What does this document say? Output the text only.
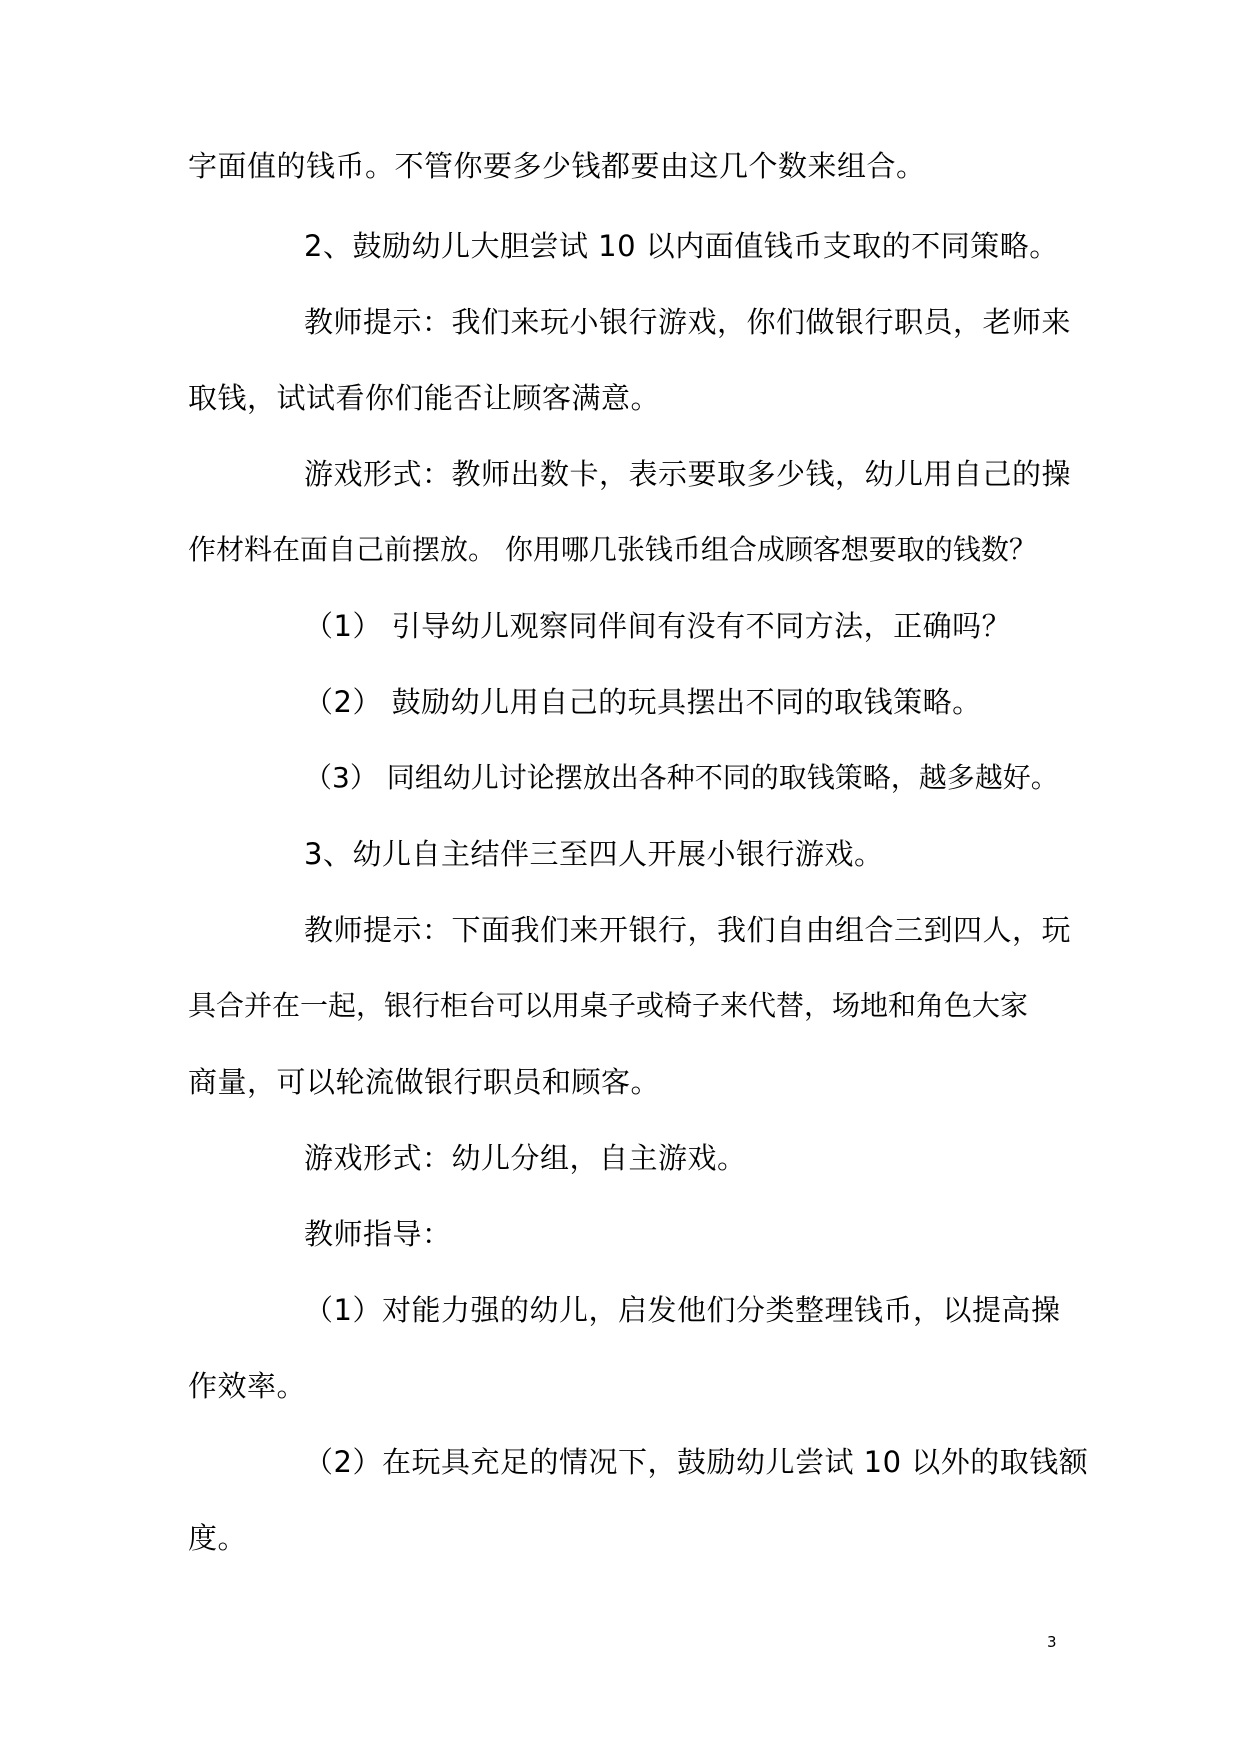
字面值的钱币。不管你要多少钱都要由这几个数来组合。
2、鼓励幼儿大胆尝试 10 以内面值钱币支取的不同策略。
教师提示：我们来玩小银行游戏，你们做银行职员，老师来
取钱，试试看你们能否让顾客满意。
游戏形式：教师出数卡，表示要取多少钱，幼儿用自己的操
作材料在面自己前摆放。 你用哪几张钱币组合成顾客想要取的钱数？
（1） 引导幼儿观察同伴间有没有不同方法，正确吗？
（2） 鼓励幼儿用自己的玩具摆出不同的取钱策略。
（3） 同组幼儿讨论摆放出各种不同的取钱策略，越多越好。
3、幼儿自主结伴三至四人开展小银行游戏。
教师提示：下面我们来开银行，我们自由组合三到四人，玩
具合并在一起，银行柜台可以用桌子或椅子来代替，场地和角色大家
商量，可以轮流做银行职员和顾客。
游戏形式：幼儿分组，自主游戏。
教师指导：
（1）对能力强的幼儿，启发他们分类整理钱币，以提高操
作效率。
（2）在玩具充足的情况下，鼓励幼儿尝试 10 以外的取钱额
度。
3
